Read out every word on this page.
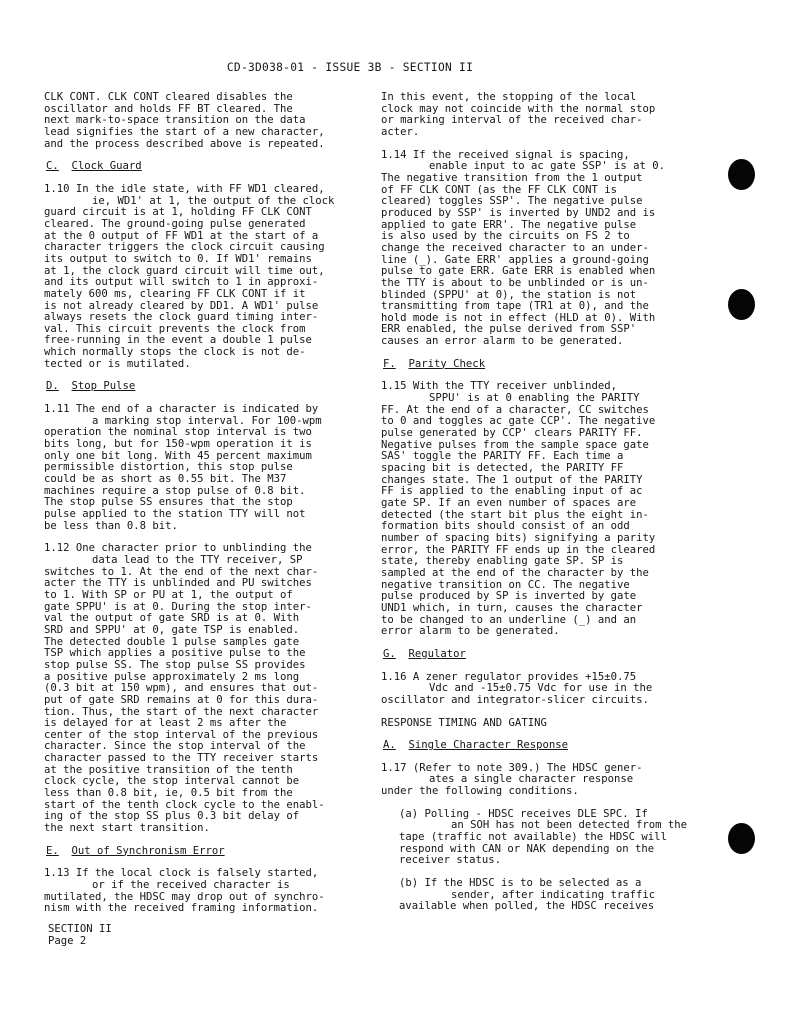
CD-3D038-01 - ISSUE 3B - SECTION II
CLK CONT. CLK CONT cleared disables the
oscillator and holds FF BT cleared. The
next mark-to-space transition on the data
lead signifies the start of a new character,
and the process described above is repeated.
C. Clock Guard
1.10 In the idle state, with FF WD1 cleared,
ie, WD1' at 1, the output of the clock
guard circuit is at 1, holding FF CLK CONT
cleared. The ground-going pulse generated
at the 0 output of FF WD1 at the start of a
character triggers the clock circuit causing
its output to switch to 0. If WD1' remains
at 1, the clock guard circuit will time out,
and its output will switch to 1 in approxi-
mately 600 ms, clearing FF CLK CONT if it
is not already cleared by DD1. A WD1' pulse
always resets the clock guard timing inter-
val. This circuit prevents the clock from
free-running in the event a double 1 pulse
which normally stops the clock is not de-
tected or is mutilated.
D. Stop Pulse
1.11 The end of a character is indicated by
a marking stop interval. For 100-wpm
operation the nominal stop interval is two
bits long, but for 150-wpm operation it is
only one bit long. With 45 percent maximum
permissible distortion, this stop pulse
could be as short as 0.55 bit. The M37
machines require a stop pulse of 0.8 bit.
The stop pulse SS ensures that the stop
pulse applied to the station TTY will not
be less than 0.8 bit.
1.12 One character prior to unblinding the
data lead to the TTY receiver, SP
switches to 1. At the end of the next char-
acter the TTY is unblinded and PU switches
to 1. With SP or PU at 1, the output of
gate SPPU' is at 0. During the stop inter-
val the output of gate SRD is at 0. With
SRD and SPPU' at 0, gate TSP is enabled.
The detected double 1 pulse samples gate
TSP which applies a positive pulse to the
stop pulse SS. The stop pulse SS provides
a positive pulse approximately 2 ms long
(0.3 bit at 150 wpm), and ensures that out-
put of gate SRD remains at 0 for this dura-
tion. Thus, the start of the next character
is delayed for at least 2 ms after the
center of the stop interval of the previous
character. Since the stop interval of the
character passed to the TTY receiver starts
at the positive transition of the tenth
clock cycle, the stop interval cannot be
less than 0.8 bit, ie, 0.5 bit from the
start of the tenth clock cycle to the enabl-
ing of the stop SS plus 0.3 bit delay of
the next start transition.
E. Out of Synchronism Error
1.13 If the local clock is falsely started,
or if the received character is
mutilated, the HDSC may drop out of synchro-
nism with the received framing information.
In this event, the stopping of the local
clock may not coincide with the normal stop
or marking interval of the received char-
acter.
1.14 If the received signal is spacing,
enable input to ac gate SSP' is at 0.
The negative transition from the 1 output
of FF CLK CONT (as the FF CLK CONT is
cleared) toggles SSP'. The negative pulse
produced by SSP' is inverted by UND2 and is
applied to gate ERR'. The negative pulse
is also used by the circuits on FS 2 to
change the received character to an under-
line (_). Gate ERR' applies a ground-going
pulse to gate ERR. Gate ERR is enabled when
the TTY is about to be unblinded or is un-
blinded (SPPU' at 0), the station is not
transmitting from tape (TR1 at 0), and the
hold mode is not in effect (HLD at 0). With
ERR enabled, the pulse derived from SSP'
causes an error alarm to be generated.
F. Parity Check
1.15 With the TTY receiver unblinded,
SPPU' is at 0 enabling the PARITY
FF. At the end of a character, CC switches
to 0 and toggles ac gate CCP'. The negative
pulse generated by CCP' clears PARITY FF.
Negative pulses from the sample space gate
SAS' toggle the PARITY FF. Each time a
spacing bit is detected, the PARITY FF
changes state. The 1 output of the PARITY
FF is applied to the enabling input of ac
gate SP. If an even number of spaces are
detected (the start bit plus the eight in-
formation bits should consist of an odd
number of spacing bits) signifying a parity
error, the PARITY FF ends up in the cleared
state, thereby enabling gate SP. SP is
sampled at the end of the character by the
negative transition on CC. The negative
pulse produced by SP is inverted by gate
UND1 which, in turn, causes the character
to be changed to an underline (_) and an
error alarm to be generated.
G. Regulator
1.16 A zener regulator provides +15±0.75
Vdc and -15±0.75 Vdc for use in the
oscillator and integrator-slicer circuits.
RESPONSE TIMING AND GATING
A. Single Character Response
1.17 (Refer to note 309.) The HDSC gener-
ates a single character response
under the following conditions.
(a) Polling - HDSC receives DLE SPC. If
an SOH has not been detected from the
tape (traffic not available) the HDSC will
respond with CAN or NAK depending on the
receiver status.
(b) If the HDSC is to be selected as a
sender, after indicating traffic
available when polled, the HDSC receives
SECTION II
Page 2
